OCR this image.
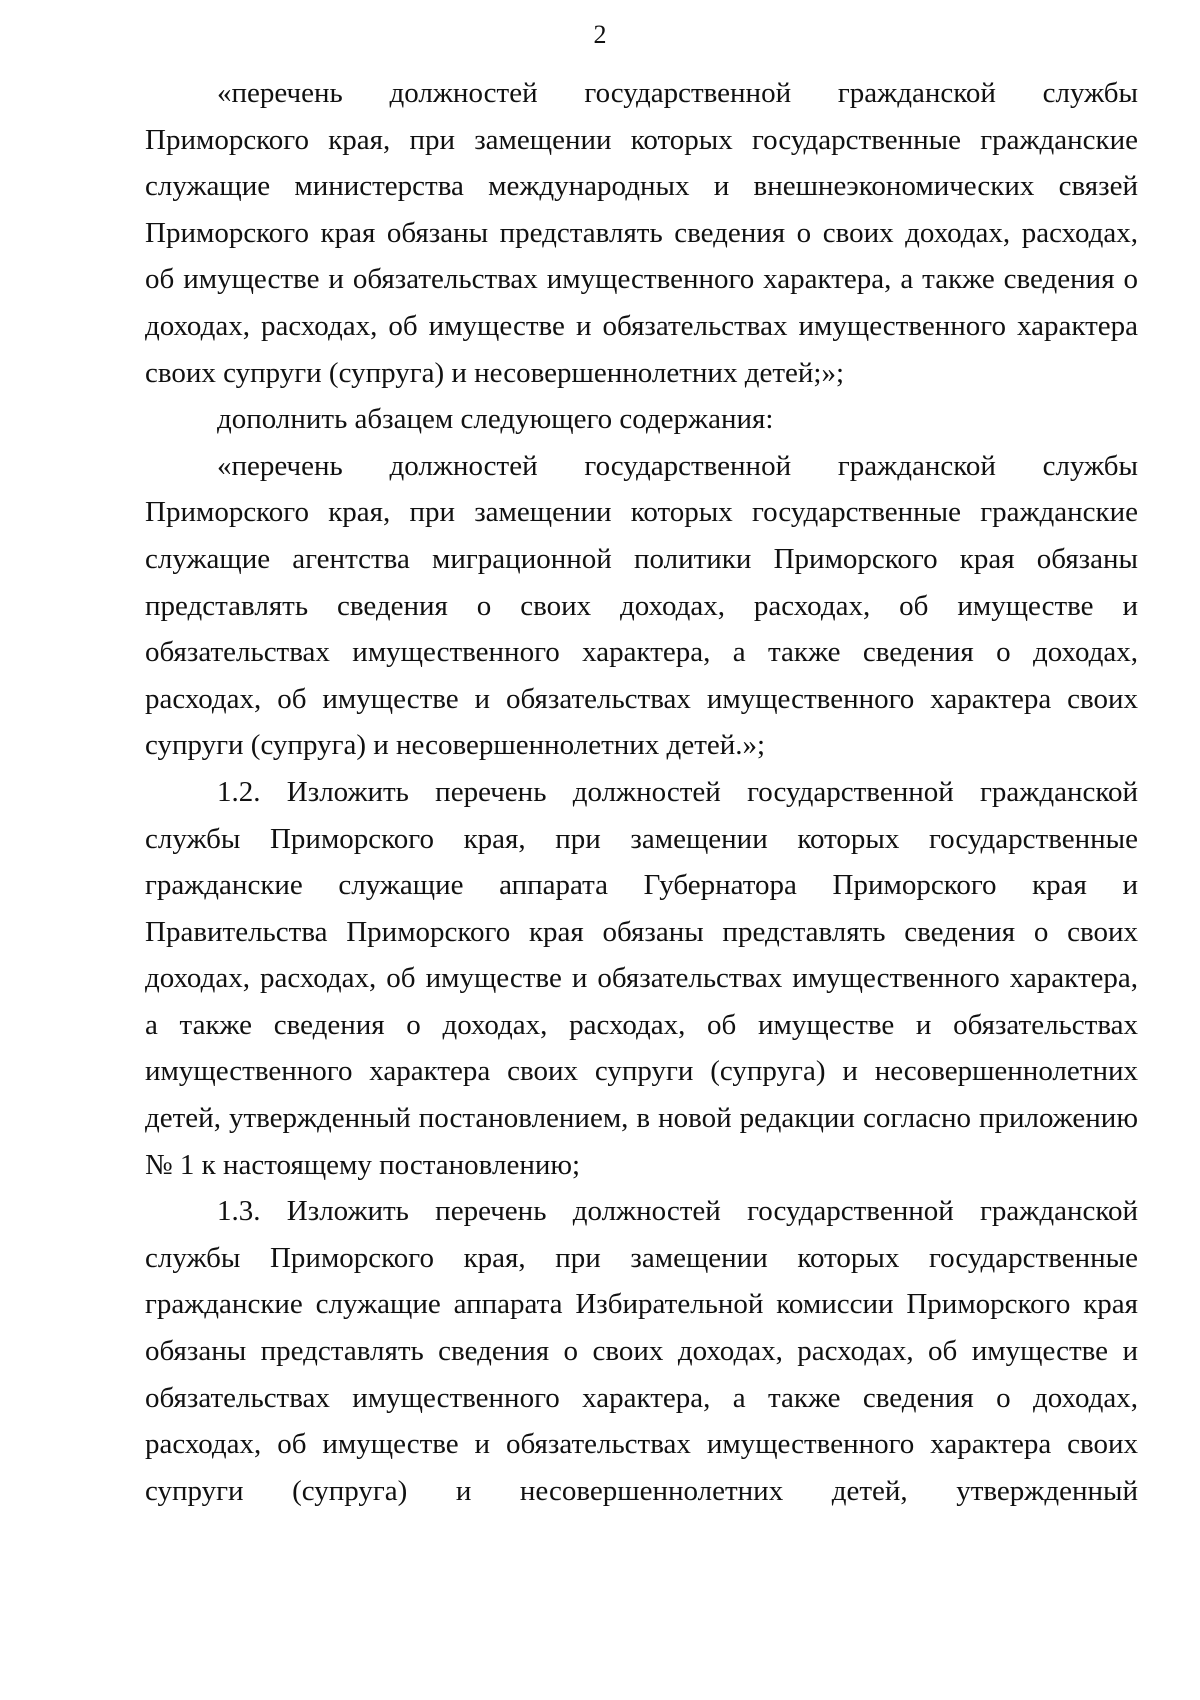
2

«перечень должностей государственной гражданской службы Приморского края, при замещении которых государственные гражданские служащие министерства международных и внешнеэкономических связей Приморского края обязаны представлять сведения о своих доходах, расходах, об имуществе и обязательствах имущественного характера, а также сведения о доходах, расходах, об имуществе и обязательствах имущественного характера своих супруги (супруга) и несовершеннолетних детей;»;

дополнить абзацем следующего содержания:

«перечень должностей государственной гражданской службы Приморского края, при замещении которых государственные гражданские служащие агентства миграционной политики Приморского края обязаны представлять сведения о своих доходах, расходах, об имуществе и обязательствах имущественного характера, а также сведения о доходах, расходах, об имуществе и обязательствах имущественного характера своих супруги (супруга) и несовершеннолетних детей.»;

1.2. Изложить перечень должностей государственной гражданской службы Приморского края, при замещении которых государственные гражданские служащие аппарата Губернатора Приморского края и Правительства Приморского края обязаны представлять сведения о своих доходах, расходах, об имуществе и обязательствах имущественного характера, а также сведения о доходах, расходах, об имуществе и обязательствах имущественного характера своих супруги (супруга) и несовершеннолетних детей, утвержденный постановлением, в новой редакции согласно приложению № 1 к настоящему постановлению;

1.3. Изложить перечень должностей государственной гражданской службы Приморского края, при замещении которых государственные гражданские служащие аппарата Избирательной комиссии Приморского края обязаны представлять сведения о своих доходах, расходах, об имуществе и обязательствах имущественного характера, а также сведения о доходах, расходах, об имуществе и обязательствах имущественного характера своих супруги (супруга) и несовершеннолетних детей, утвержденный
